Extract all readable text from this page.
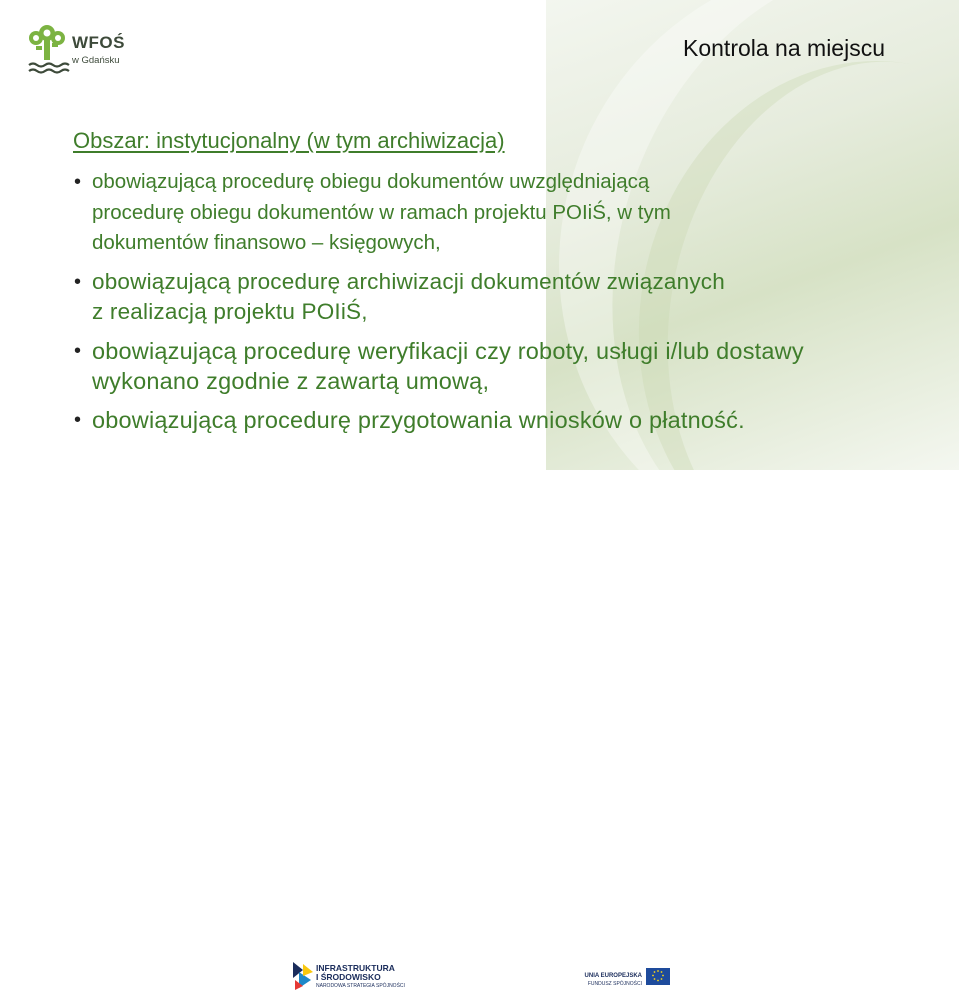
WFOŚ
w Gdańsku	Kontrola na miejscu
Obszar: instytucjonalny (w tym archiwizacja)
• obowiązującą procedurę obiegu dokumentów uwzględniającą
procedurę obiegu dokumentów w ramach projektu POIiŚ, w tym
dokumentów finansowo – księgowych,
• obowiązującą procedurę archiwizacji dokumentów związanych
z realizacją projektu POIiŚ,
• obowiązującą procedurę weryfikacji czy roboty, usługi i/lub dostawy
wykonano zgodnie z zawartą umową,
• obowiązującą procedurę przygotowania wniosków o płatność.
INFRASTRUKTURA
I ŚRODOWISKO
NARODOWA STRATEGIA SPÓJNOŚCI
UNIA EUROPEJSKA
FUNDUSZ SPÓJNOŚCI
